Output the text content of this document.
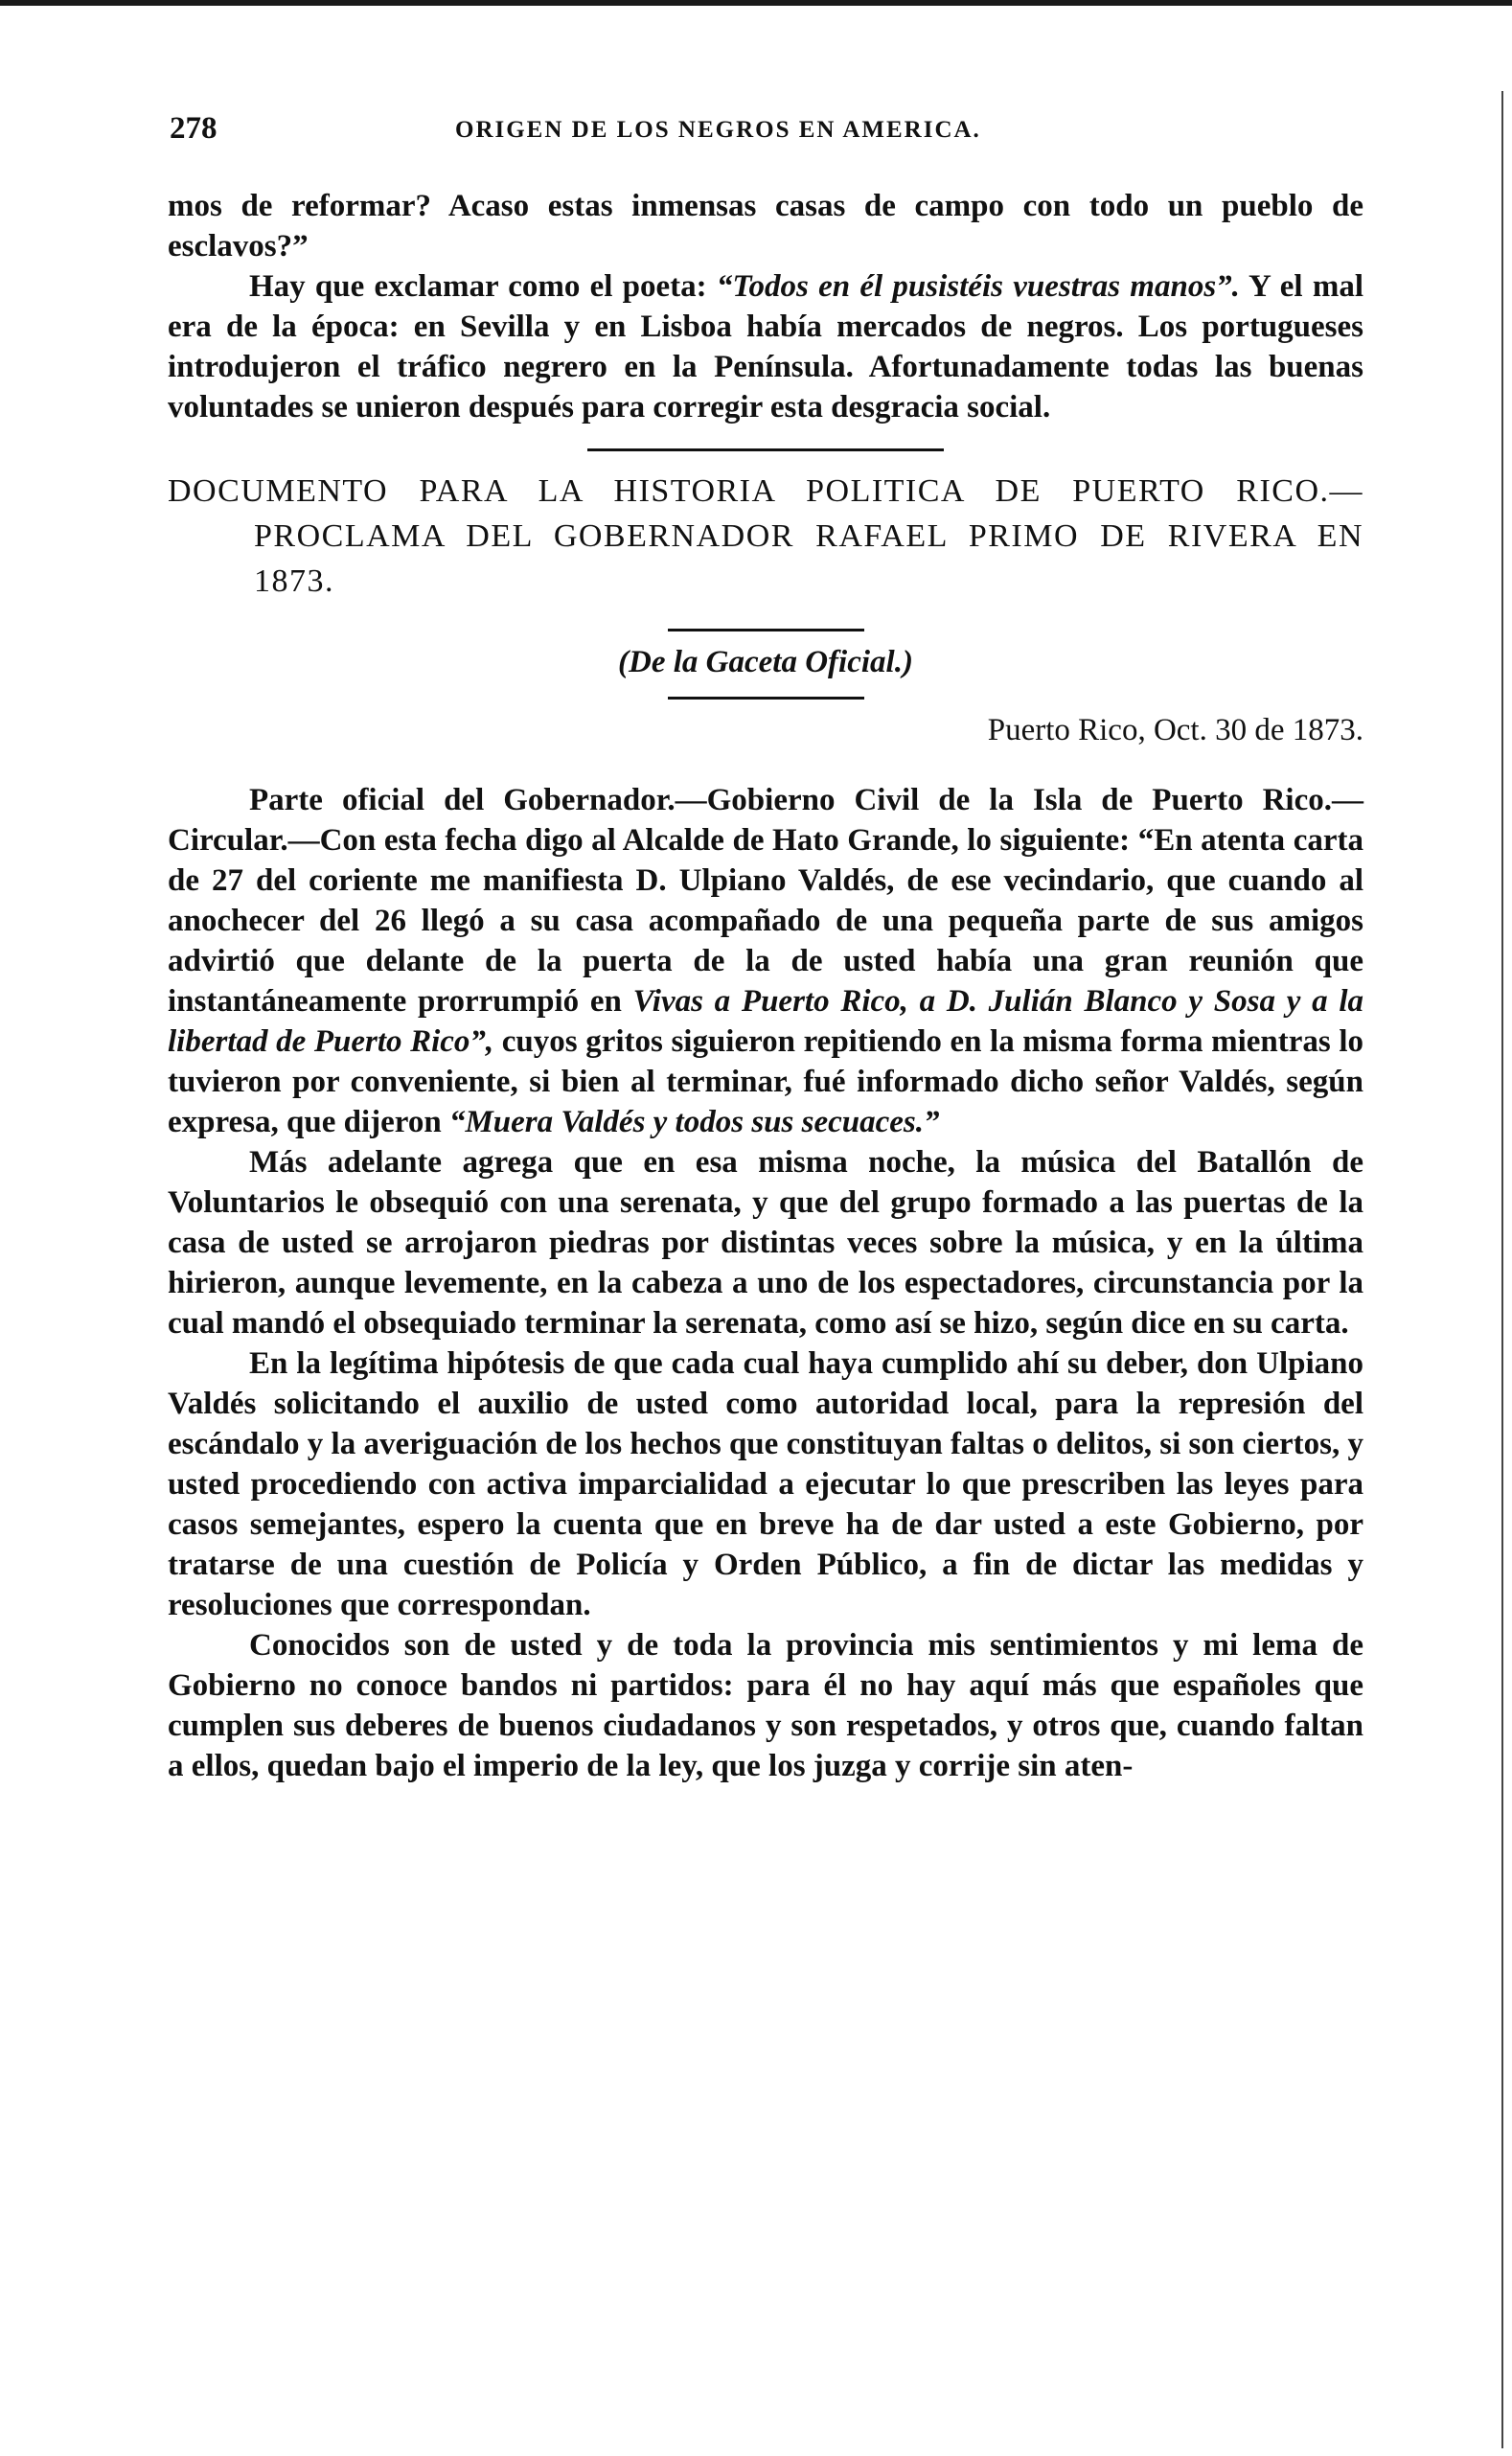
278	ORIGEN DE LOS NEGROS EN AMERICA.

mos de reformar? Acaso estas inmensas casas de campo con todo un pueblo de esclavos?”

Hay que exclamar como el poeta: “Todos en él pusistéis vuestras manos”. Y el mal era de la época: en Sevilla y en Lisboa había mercados de negros. Los portugueses introdujeron el tráfico negrero en la Península. Afortunadamente todas las buenas voluntades se unieron después para corregir esta desgracia social.

DOCUMENTO PARA LA HISTORIA POLITICA DE PUERTO RICO.—PROCLAMA DEL GOBERNADOR RAFAEL PRIMO DE RIVERA EN 1873.

(De la Gaceta Oficial.)

Puerto Rico, Oct. 30 de 1873.

Parte oficial del Gobernador.—Gobierno Civil de la Isla de Puerto Rico.—Circular.—Con esta fecha digo al Alcalde de Hato Grande, lo siguiente: “En atenta carta de 27 del coriente me manifiesta D. Ulpiano Valdés, de ese vecindario, que cuando al anochecer del 26 llegó a su casa acompañado de una pequeña parte de sus amigos advirtió que delante de la puerta de la de usted había una gran reunión que instantáneamente prorrumpió en Vivas a Puerto Rico, a D. Julián Blanco y Sosa y a la libertad de Puerto Rico”, cuyos gritos siguieron repitiendo en la misma forma mientras lo tuvieron por conveniente, si bien al terminar, fué informado dicho señor Valdés, según expresa, que dijeron “Muera Valdés y todos sus secuaces.”

Más adelante agrega que en esa misma noche, la música del Batallón de Voluntarios le obsequió con una serenata, y que del grupo formado a las puertas de la casa de usted se arrojaron piedras por distintas veces sobre la música, y en la última hirieron, aunque levemente, en la cabeza a uno de los espectadores, circunstancia por la cual mandó el obsequiado terminar la serenata, como así se hizo, según dice en su carta.

En la legítima hipótesis de que cada cual haya cumplido ahí su deber, don Ulpiano Valdés solicitando el auxilio de usted como autoridad local, para la represión del escándalo y la averiguación de los hechos que constituyan faltas o delitos, si son ciertos, y usted procediendo con activa imparcialidad a ejecutar lo que prescriben las leyes para casos semejantes, espero la cuenta que en breve ha de dar usted a este Gobierno, por tratarse de una cuestión de Policía y Orden Público, a fin de dictar las medidas y resoluciones que correspondan.

Conocidos son de usted y de toda la provincia mis sentimientos y mi lema de Gobierno no conoce bandos ni partidos: para él no hay aquí más que españoles que cumplen sus deberes de buenos ciudadanos y son respetados, y otros que, cuando faltan a ellos, quedan bajo el imperio de la ley, que los juzga y corrije sin aten-
